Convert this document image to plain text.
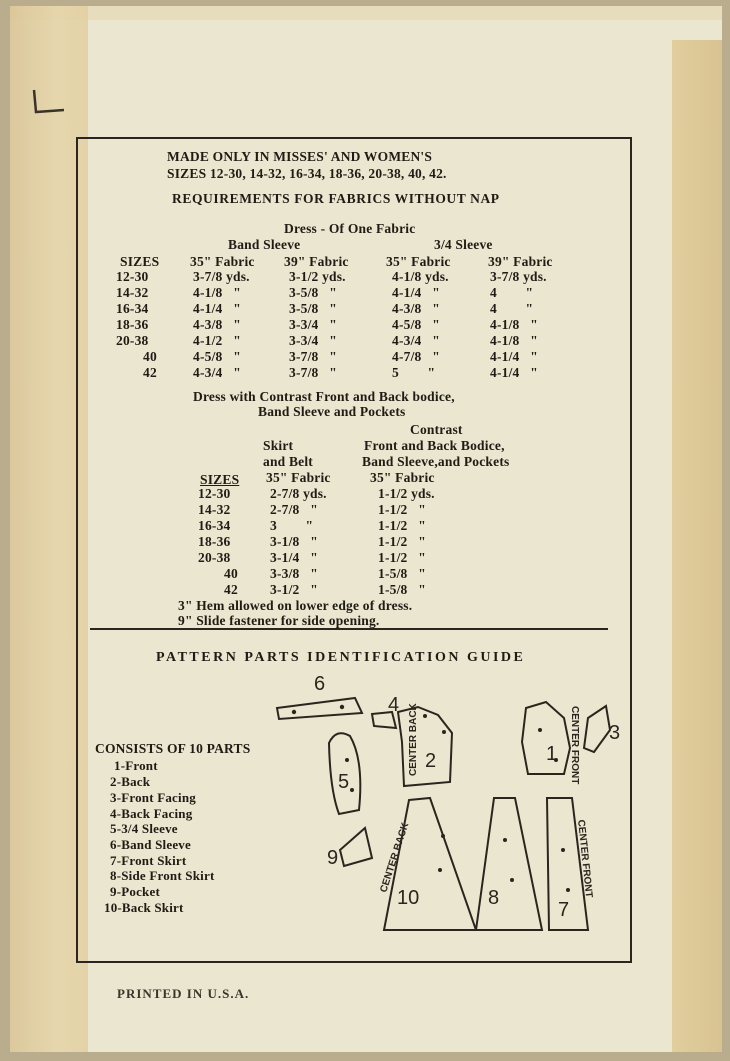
MADE ONLY IN MISSES' AND WOMEN'S
SIZES 12-30, 14-32, 16-34, 18-36, 20-38, 40, 42.
REQUIREMENTS FOR FABRICS WITHOUT NAP
Dress - Of One Fabric
Band Sleeve	3/4 Sleeve
SIZES 35" Fabric 39" Fabric	35" Fabric	39" Fabric
12-30	3-7/8 yds.	3-1/2 yds.	4-1/8 yds.	3-7/8 yds.
14-32	4-1/8   "	3-5/8   "	4-1/4   "	4        "
16-34	4-1/4   "	3-5/8   "	4-3/8   "	4        "
18-36	4-3/8   "	3-3/4   "	4-5/8   "	4-1/8   "
20-38	4-1/2   "	3-3/4   "	4-3/4   "	4-1/8   "
40	4-5/8   "	3-7/8   "	4-7/8   "	4-1/4   "
42	4-3/4   "	3-7/8   "	5        "	4-1/4   "
Dress with Contrast Front and Back bodice,
Band Sleeve and Pockets
Contrast
Skirt	Front and Back Bodice,
and Belt	Band Sleeve,and Pockets
SIZES 35" Fabric	35" Fabric
12-30	2-7/8 yds.	1-1/2 yds.
14-32	2-7/8   "	1-1/2   "
16-34	3        "	1-1/2   "
18-36	3-1/8   "	1-1/2   "
20-38	3-1/4   "	1-1/2   "
40 3-3/8   "	1-5/8   "
42 3-1/2   "	1-5/8   "
3" Hem allowed on lower edge of dress.
9" Slide fastener for side opening.
PATTERN PARTS IDENTIFICATION GUIDE
CONSISTS OF 10 PARTS
1-Front
2-Back
3-Front Facing
4-Back Facing
5-3/4 Sleeve
6-Band Sleeve
7-Front Skirt
8-Side Front Skirt
9-Pocket
10-Back Skirt
6
4
2
5
1
3
9
10	8
7
CENTER BACK	CENTER FRONT
CENTER BACK	CENTER FRONT
PRINTED IN U.S.A.
